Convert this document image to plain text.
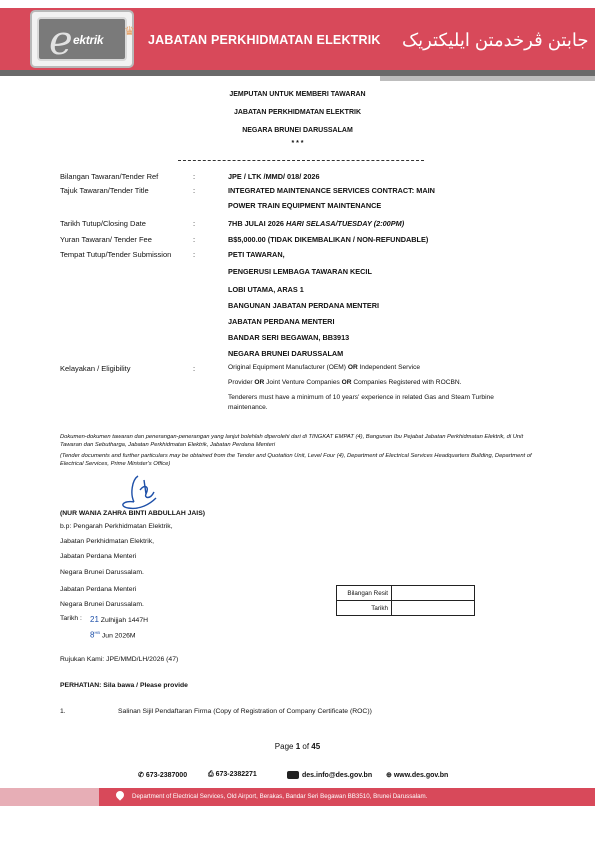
e ektrik
♛
JABATAN PERKHIDMATAN ELEKTRIK جابتن ڤرخدمتن ايليکتريک
JEMPUTAN UNTUK MEMBERI TAWARAN
JABATAN PERKHIDMATAN ELEKTRIK
NEGARA BRUNEI DARUSSALAM
* * *
Bilangan Tawaran/Tender Ref	:	JPE / LTK /MMD/ 018/ 2026
Tajuk Tawaran/Tender Title	:	INTEGRATED MAINTENANCE SERVICES CONTRACT: MAIN
POWER TRAIN EQUIPMENT MAINTENANCE
Tarikh Tutup/Closing Date	:	7HB JULAI 2026 HARI SELASA/TUESDAY (2:00PM)
Yuran Tawaran/ Tender Fee	:	B$5,000.00 (TIDAK DIKEMBALIKAN / NON-REFUNDABLE)
Tempat Tutup/Tender Submission	:	PETI TAWARAN,
PENGERUSI LEMBAGA TAWARAN KECIL
LOBI UTAMA, ARAS 1
BANGUNAN JABATAN PERDANA MENTERI
JABATAN PERDANA MENTERI
BANDAR SERI BEGAWAN, BB3913
NEGARA BRUNEI DARUSSALAM
Kelayakan / Eligibility	:	Original Equipment Manufacturer (OEM) OR Independent Service
Provider OR Joint Venture Companies OR Companies Registered with ROCBN.
Tenderers must have a minimum of 10 years' experience in related Gas and Steam Turbine
maintenance.
Dokumen-dokumen tawaran dan penerangan-penerangan yang lanjut bolehlah diperolehi dari di TINGKAT EMPAT (4), Bangunan Ibu Pejabat Jabatan Perkhidmatan Elektrik, di Unit Tawaran dan Sebutharga, Jabatan Perkhidmatan Elektrik, Jabatan Perdana Menteri
(Tender documents and further particulars may be obtained from the Tender and Quotation Unit, Level Four (4), Department of Electrical Services Headquarters Building, Department of Electrical Services, Prime Minister's Office)
(NUR WANIA ZAHRA BINTI ABDULLAH JAIS)
b.p: Pengarah Perkhidmatan Elektrik,
Jabatan Perkhidmatan Elektrik,
Jabatan Perdana Menteri
Negara Brunei Darussalam.
Jabatan Perdana Menteri
Negara Brunei Darussalam.
Tarikh : 21 Zulhijjah 1447H
$8^{HB}$ Jun 2026M
Bilangan Resit	
Tarikh	
Rujukan Kami: JPE/MMD/LH/2026 (47)
PERHATIAN: Sila bawa / Please provide
1.	Salinan Sijil Pendaftaran Firma (Copy of Registration of Company Certificate (ROC))
Page 1 of 45
✆ 673-2387000	⎙ 673-2382271	des.info@des.gov.bn ⊕ www.des.gov.bn
Department of Electrical Services, Old Airport, Berakas, Bandar Seri Begawan BB3510, Brunei Darussalam.
